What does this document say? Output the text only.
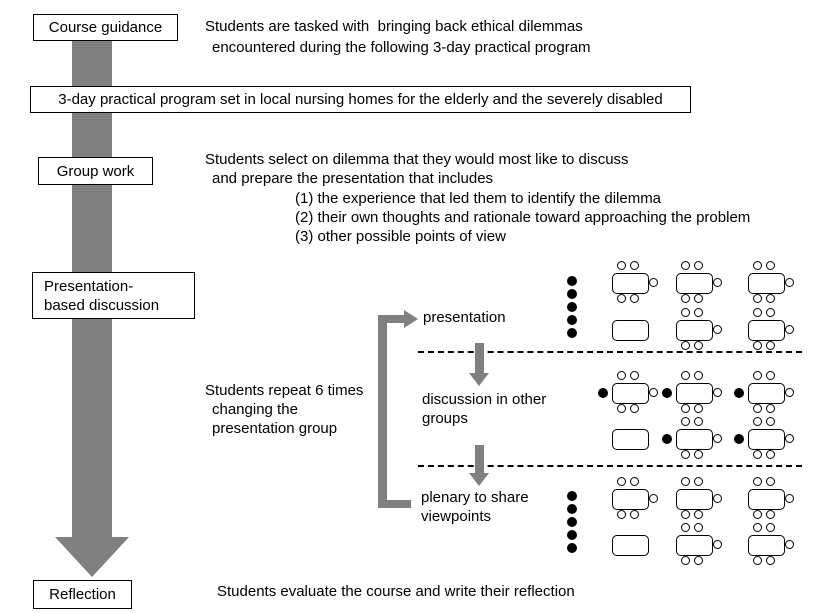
Course guidance
3-day practical program set in local nursing homes for the elderly and the severely disabled
Group work
Presentation-
based discussion
Reflection
Students are tasked with  bringing back ethical dilemmas
encountered during the following 3-day practical program
Students select on dilemma that they would most like to discuss
and prepare the presentation that includes
(1) the experience that led them to identify the dilemma
(2) their own thoughts and rationale toward approaching the problem
(3) other possible points of view
Students repeat 6 times
changing the
presentation group
Students evaluate the course and write their reflection
presentation
discussion in other
groups
plenary to share
viewpoints
